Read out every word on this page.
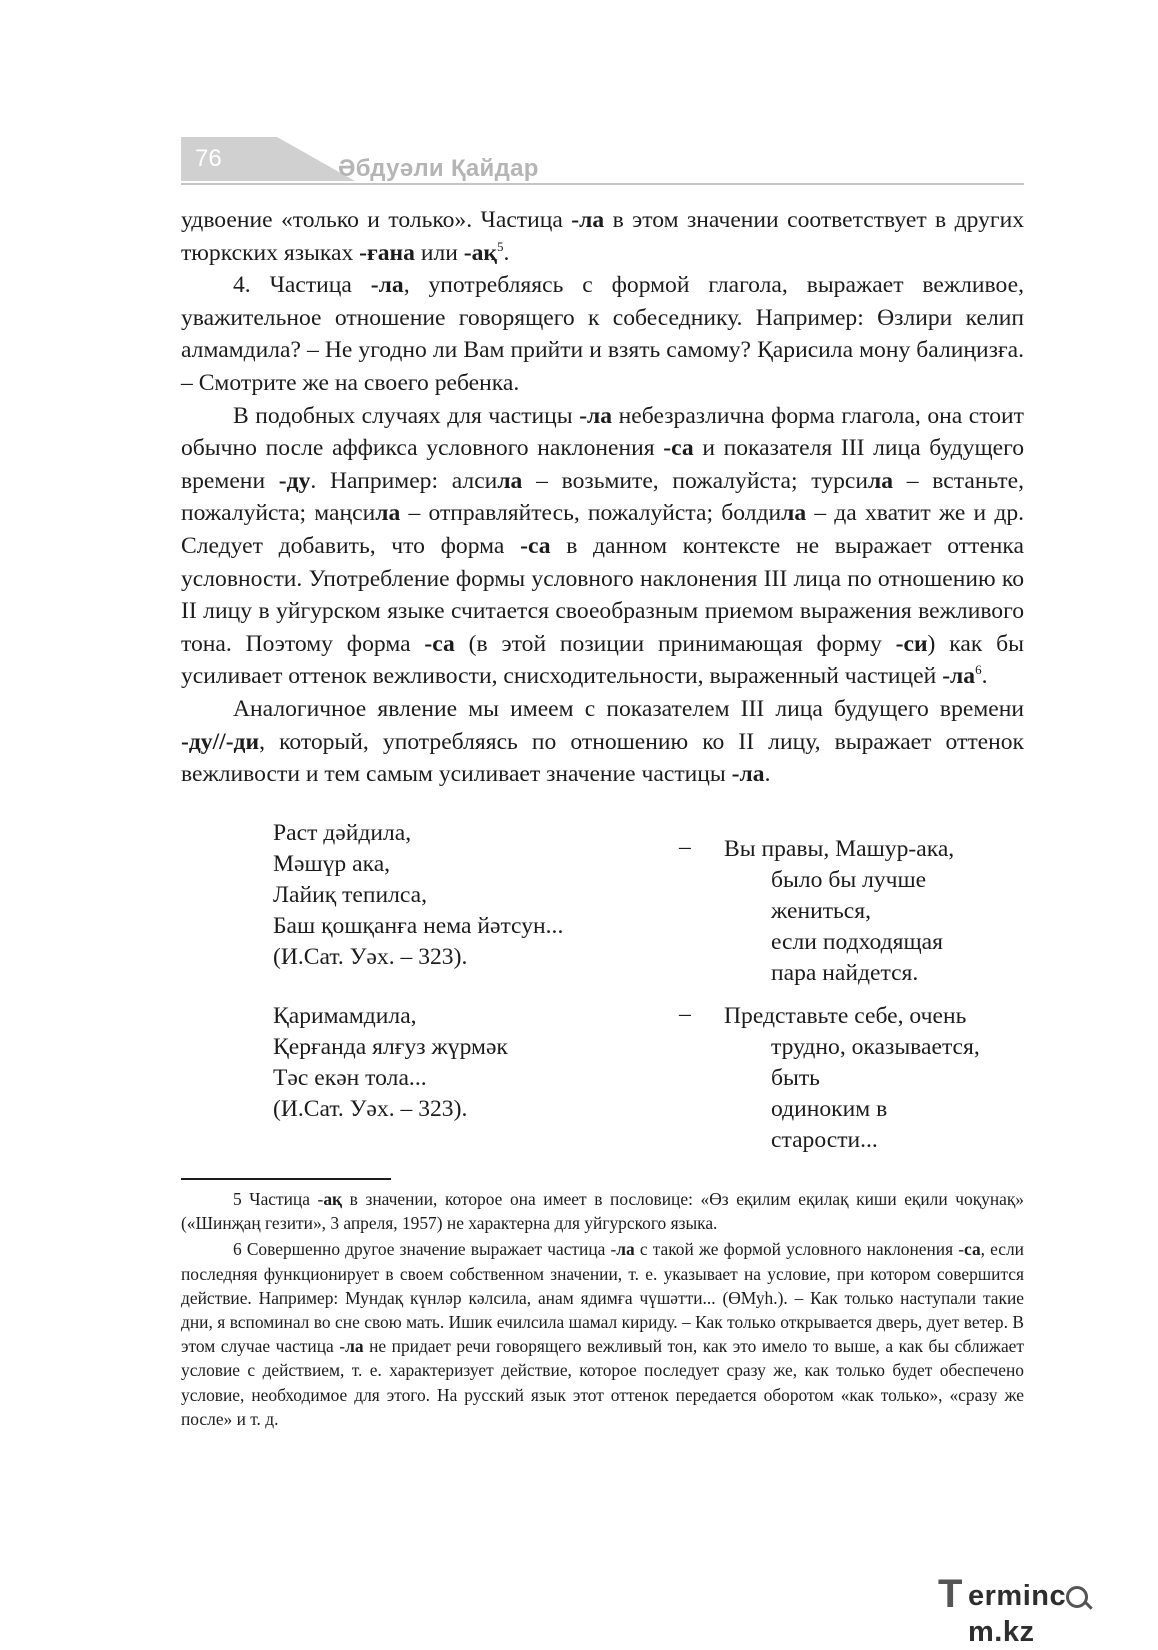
76	Әбдуәли Қайдар

удвоение «только и только». Частица -ла в этом значении соответствует в других тюркских языках -ғана или $-ақ^5$.

4. Частица -ла, употребляясь с формой глагола, выражает вежливое, уважительное отношение говорящего к собеседнику. Например: Өзлири келип алмамдила? – Не угодно ли Вам прийти и взять самому? Қарисила мону балиңизға. – Смотрите же на своего ребенка.

В подобных случаях для частицы -ла небезразлична форма глагола, она стоит обычно после аффикса условного наклонения -са и показателя III лица будущего времени -ду. Например: алсила – возьмите, пожалуйста; турсила – встаньте, пожалуйста; маңсила – отправляйтесь, пожалуйста; болдила – да хватит же и др. Следует добавить, что форма -са в данном контексте не выражает оттенка условности. Употребление формы условного наклонения III лица по отношению ко II лицу в уйгурском языке считается своеобразным приемом выражения вежливого тона. Поэтому форма -са (в этой позиции принимающая форму -си) как бы усиливает оттенок вежливости, снисходительности, выраженный частицей $-ла^6$.

Аналогичное явление мы имеем с показателем III лица будущего времени -ду//-ди, который, употребляясь по отношению ко II лицу, выражает оттенок вежливости и тем самым усиливает значение частицы -ла.

Раст дәйдила,

Мәшүр ака,

Лайиқ тепилса,

Баш қошқанға нема йәтсун...

(И.Сат. Уәх. – 323).

– Вы правы, Машур-ака,

было бы лучше

жениться,

если подходящая

пара найдется.

Қаримамдила,

Қерғанда ялғуз жүрмәк

Тәс екән тола...

(И.Сат. Уәх. – 323).

– Представьте себе, очень

трудно, оказывается,

быть

одиноким в

старости...

5 Частица -ақ в значении, которое она имеет в пословице: «Өз еқилим еқилақ киши еқили чоқунақ» («Шинҗаң гезити», 3 апреля, 1957) не характерна для уйгурского языка.

6 Совершенно другое значение выражает частица -ла с такой же формой условного наклонения -са, если последняя функционирует в своем собственном значении, т. е. указывает на условие, при котором совершится действие. Например: Мундақ күнләр кәлсила, анам ядимға чүшәтти... (ӨМуһ.). – Как только наступали такие дни, я вспоминал во сне свою мать. Ишик ечилсила шамал кириду. – Как только открывается дверь, дует ветер. В этом случае частица -ла не придает речи говорящего вежливый тон, как это имело то выше, а как бы сближает условие с действием, т. е. характеризует действие, которое последует сразу же, как только будет обеспечено условие, необходимое для этого. На русский язык этот оттенок передается оборотом «как только», «сразу же после» и т. д.

T ermincm.kz
